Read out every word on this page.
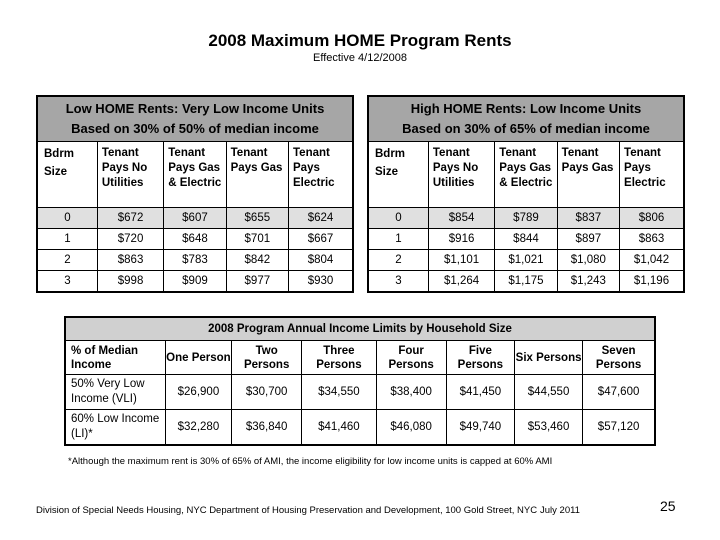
2008 Maximum HOME Program Rents
Effective 4/12/2008
Low HOME Rents: Very Low Income Units
Based on 30% of 50% of median income				
Bdrm Size	Tenant Pays No Utilities	Tenant Pays Gas & Electric	Tenant Pays Gas	Tenant Pays Electric
0	$672	$607	$655	$624
1	$720	$648	$701	$667
2	$863	$783	$842	$804
3	$998	$909	$977	$930
High HOME Rents: Low Income Units
Based on 30% of 65% of median income				
Bdrm Size	Tenant Pays No Utilities	Tenant Pays Gas & Electric	Tenant Pays Gas	Tenant Pays Electric
0	$854	$789	$837	$806
1	$916	$844	$897	$863
2	$1,101	$1,021	$1,080	$1,042
3	$1,264	$1,175	$1,243	$1,196
2008 Program Annual Income Limits by Household Size							
% of Median Income	One Person	Two Persons	Three Persons	Four Persons	Five Persons	Six Persons	Seven Persons
50% Very Low Income (VLI)	$26,900	$30,700	$34,550	$38,400	$41,450	$44,550	$47,600
60% Low Income (LI)*	$32,280	$36,840	$41,460	$46,080	$49,740	$53,460	$57,120
*Although the maximum rent is 30% of 65% of AMI, the income eligibility for low income units is capped at 60% AMI
Division of Special Needs Housing, NYC Department of Housing Preservation and Development, 100 Gold Street, NYC July 2011	25
